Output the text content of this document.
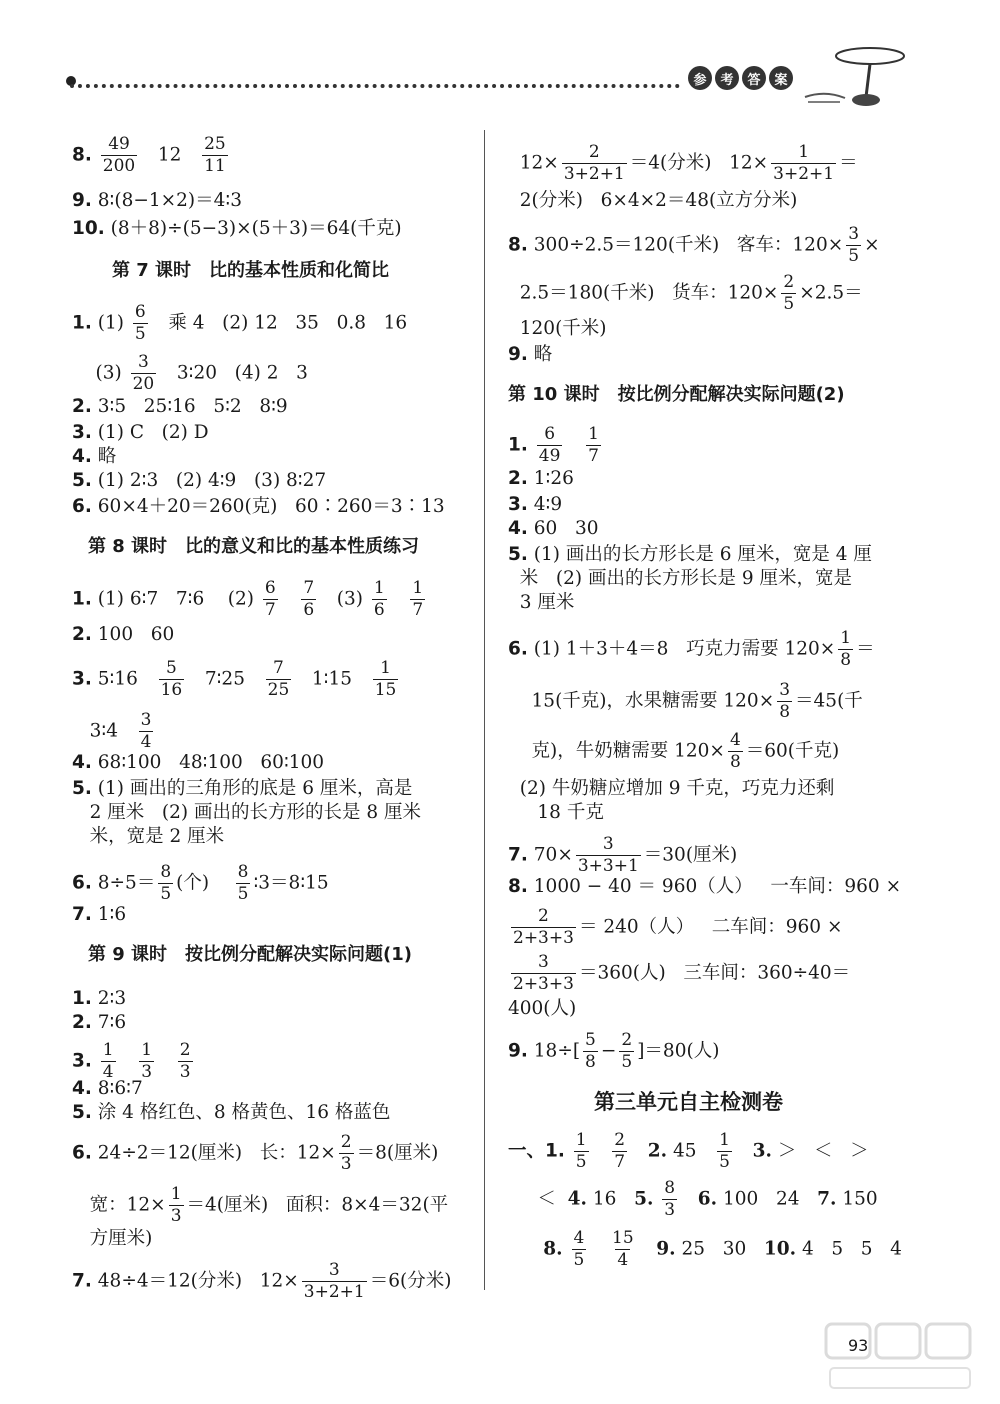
参	考	答	案
8. $\frac{49}{200} 12 \frac{25}{11}$
9. 8∶(8−1×2)＝4∶3
10. (8＋8)÷(5−3)×(5＋3)＝64(千克)
第 7 课时　比的基本性质和化简比
1. $(1) \frac{6}{5}$ 乘 4   (2) 12   35   0.8   16
$(3) \frac{3}{20}$ 3∶20   (4) 2   3
2. 3∶5   25∶16   5∶2   8∶9
3. (1) C   (2) D
4. 略
5. (1) 2∶3   (2) 4∶9   (3) 8∶27
6. 60×4＋20＝260(克)   60∶260＝3∶13
第 8 课时　比的意义和比的基本性质练习
1. (1) 6∶7   7∶6    $(2) \frac{6}{7}$
$\frac{7}{6} (3) \frac{1}{6}$
$\frac{1}{7}$
2. 100   60
3. 5∶16 $\frac{5}{16}$ 7∶25 $\frac{7}{25}$ 1∶15 $\frac{1}{15}$
3∶4 $\frac{3}{4}$
4. 68∶100   48∶100   60∶100
5. (1) 画出的三角形的底是 6 厘米，高是
2 厘米   (2) 画出的长方形的长是 8 厘米
米，宽是 2 厘米
6. $8\div 5= \frac{8}{5}$ (个) $\frac{8}{5}$ ∶3＝8∶15
7. 1∶6
第 9 课时　按比例分配解决实际问题(1)
1. 2∶3
2. 7∶6
3. $\frac{1}{4}$
$\frac{1}{3}$
$\frac{2}{3}$
4. 8∶6∶7
5. 涂 4 格红色、8 格黄色、16 格蓝色
6. 24÷2＝12(厘米)   长：$12\times \frac{2}{3} =8$(厘米)
宽：$12\times \frac{1}{3} =4$(厘米)   面积：8×4＝32(平
方厘米)
7. 48÷4＝12(分米)   $12\times \frac{3}{3+2+1} =6$(分米)
$12\times \frac{2}{3+2+1} =4$(分米)   $12\times \frac{1}{3+2+1}$ ＝
2(分米)   6×4×2＝48(立方分米)
8. 300÷2.5＝120(千米)   客车：$120\times \frac{3}{5}$ ×
2.5＝180(千米)   货车：$120\times \frac{2}{5} \times 2.5=$
120(千米)
9. 略
第 10 课时　按比例分配解决实际问题(2)
1. $\frac{6}{49}$
$\frac{1}{7}$
2. 1∶26
3. 4∶9
4. 60   30
5. (1) 画出的长方形长是 6 厘米，宽是 4 厘
米   (2) 画出的长方形长是 9 厘米，宽是
3 厘米
6. (1) 1＋3＋4＝8   巧克力需要 $120\times \frac{1}{8}$ ＝
15(千克)，水果糖需要 $120\times \frac{3}{8} =45$(千
克)，牛奶糖需要 $120\times \frac{4}{8} =60$(千克)
(2) 牛奶糖应增加 9 千克，巧克力还剩
18 千克
7. $70\times \frac{3}{3+3+1} =30$(厘米)
8. 1000 − 40 ＝ 960（人）   一车间：960 ×
$\frac{2}{2+3+3} = 240$（人）   二车间：960 ×
$\frac{3}{2+3+3} =360$(人)   三车间：360÷40＝
400(人)
9. $18\div[ \frac{5}{8} - \frac{2}{5} ]=80$(人)
第三单元自主检测卷
一、1. $\frac{1}{5}$
$\frac{2}{7} 2$. $45 \frac{1}{5} 3$. ＞   ＜   ＞
＜  4. 16   5. $\frac{8}{3} 6$. 100   24   7. 150
8. $\frac{4}{5}$
$\frac{15}{4} 9$. 25   30   10. 4   5   5   4
93
